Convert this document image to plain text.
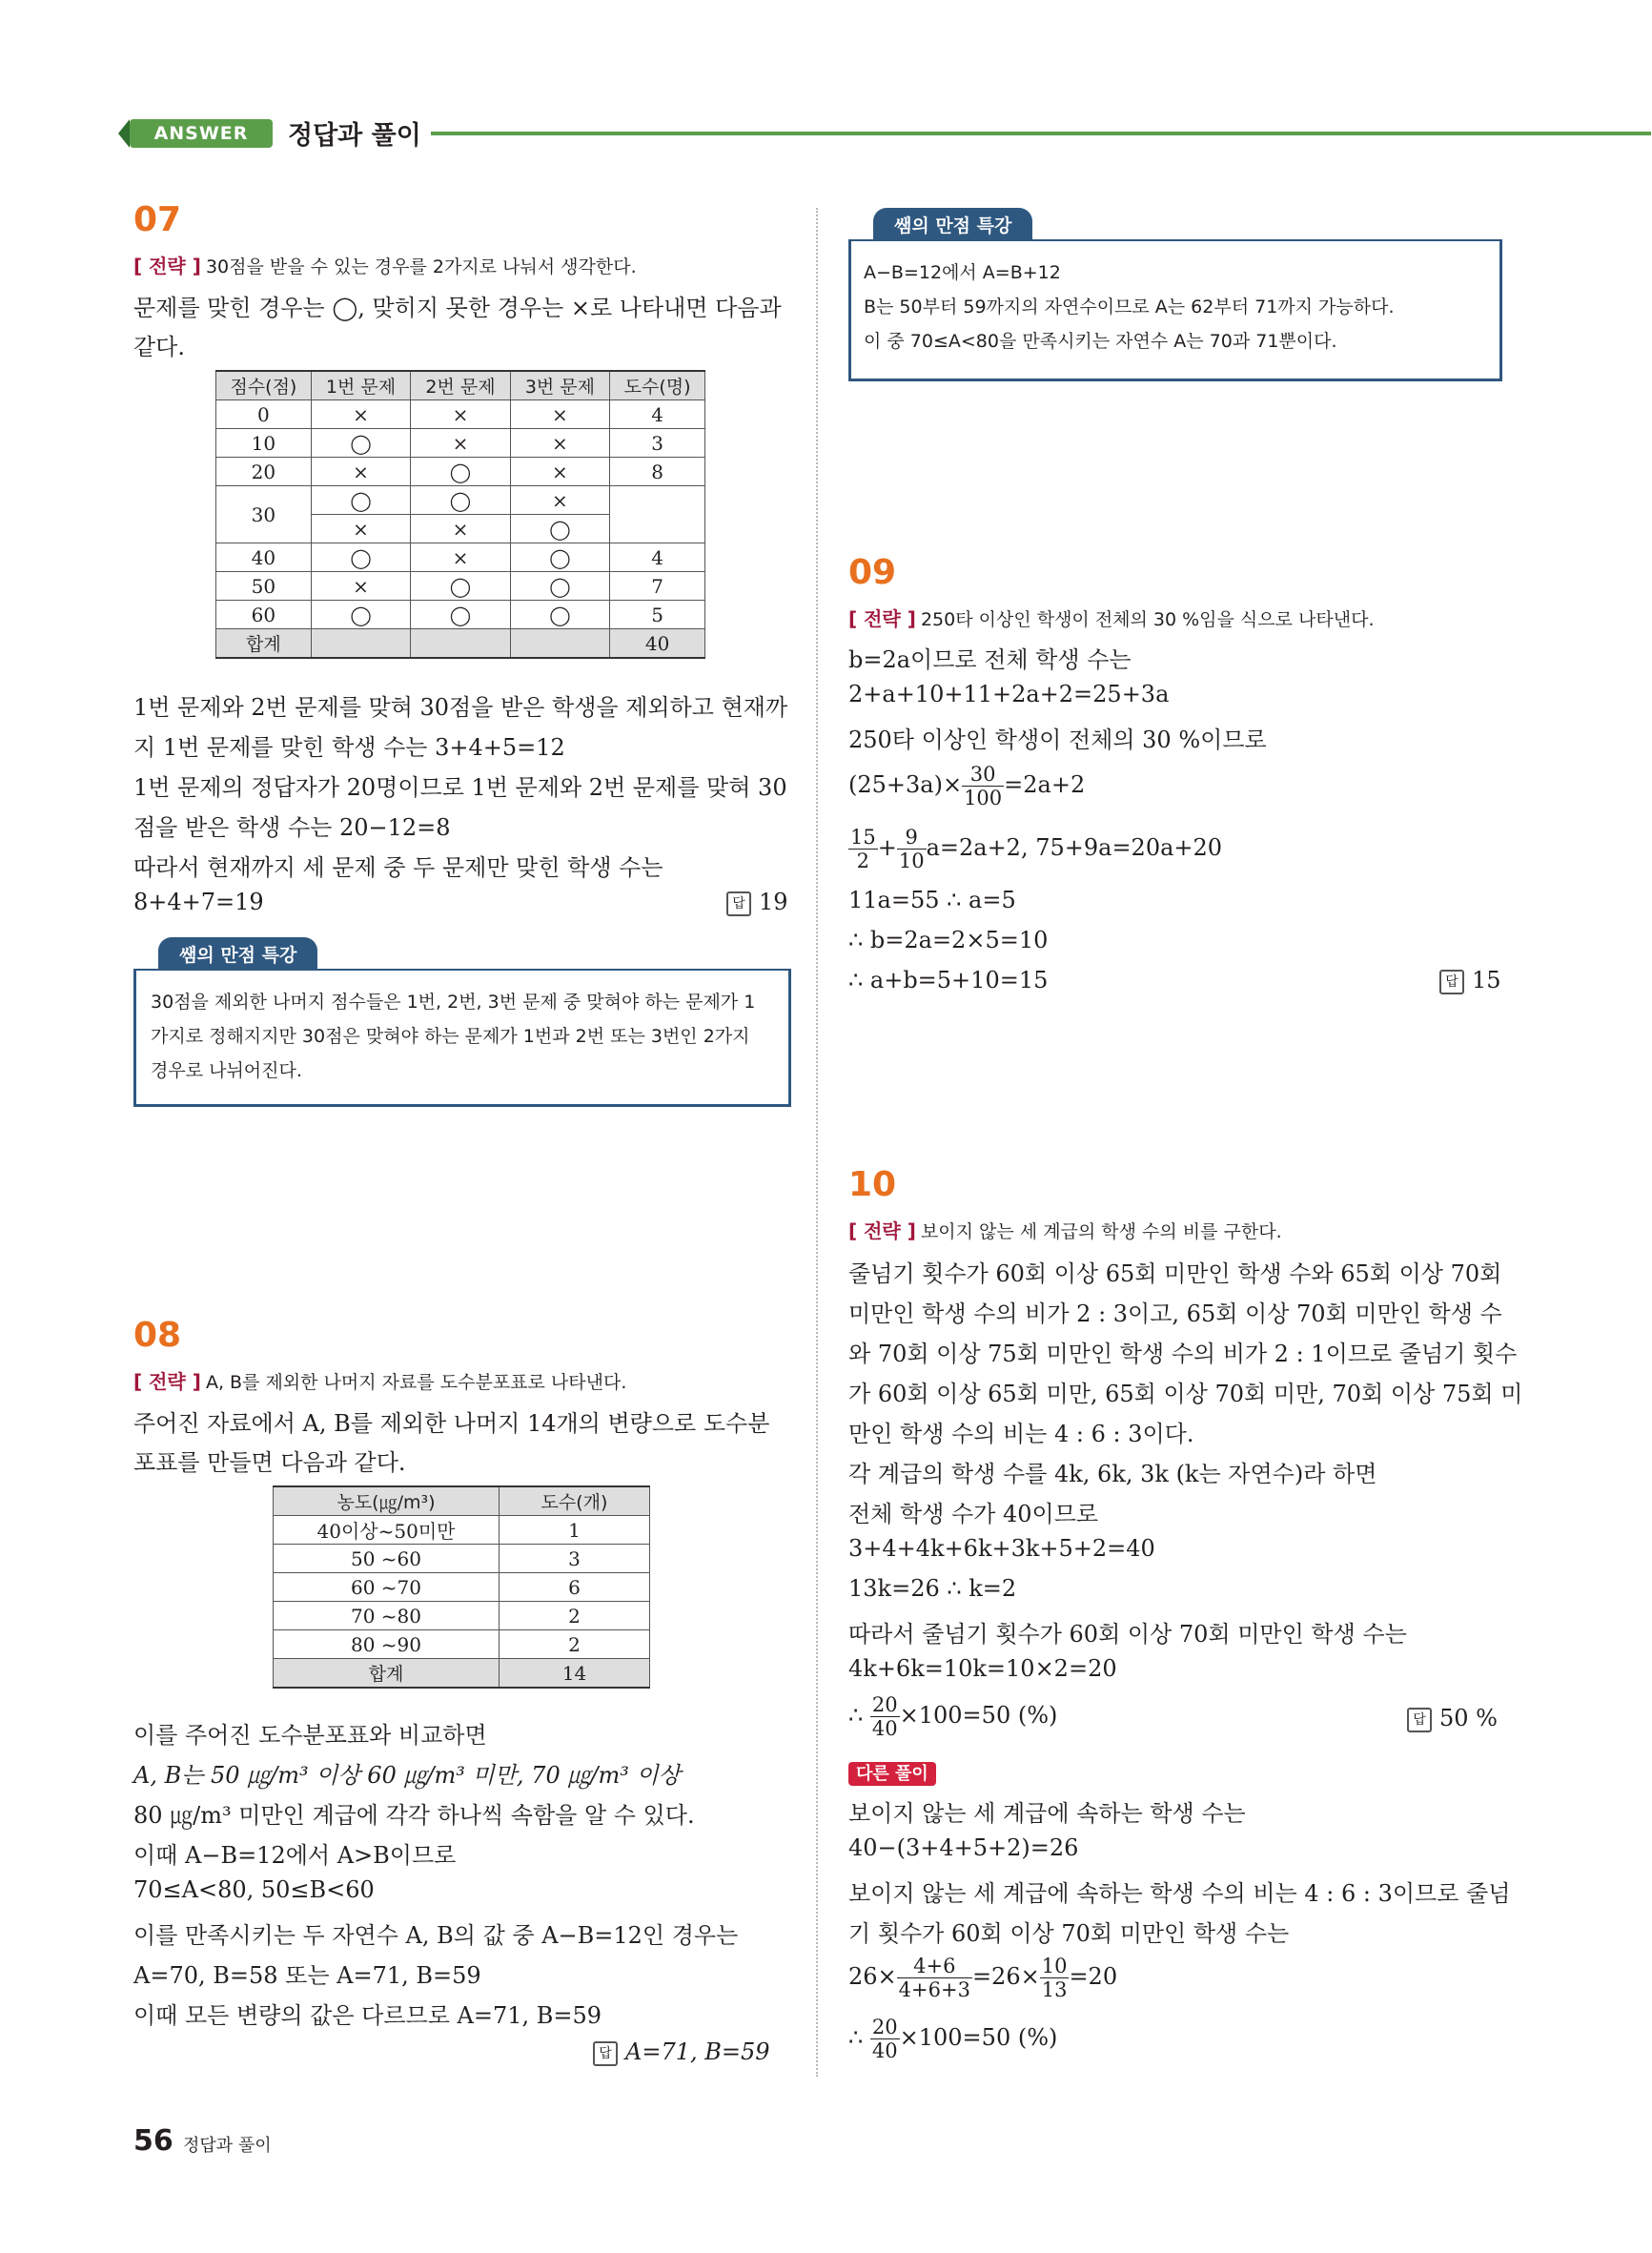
ANSWER	정답과 풀이
07
[ 전략 ] 30점을 받을 수 있는 경우를 2가지로 나눠서 생각한다.
문제를 맞힌 경우는 ◯, 맞히지 못한 경우는 ×로 나타내면 다음과
같다.
점수(점)	1번 문제	2번 문제	3번 문제	도수(명)
0	×	×	×	4
10	◯	×	×	3
20	×	◯	×	8
30	◯	◯	×	
	×	×	◯	
40	◯	×	◯	4
50	×	◯	◯	7
60	◯	◯	◯	5
합계				40
1번 문제와 2번 문제를 맞혀 30점을 받은 학생을 제외하고 현재까
지 1번 문제를 맞힌 학생 수는 3+4+5=12
1번 문제의 정답자가 20명이므로 1번 문제와 2번 문제를 맞혀 30
점을 받은 학생 수는 20−12=8
따라서 현재까지 세 문제 중 두 문제만 맞힌 학생 수는
8+4+7=19	답 19
쌤의 만점 특강
30점을 제외한 나머지 점수들은 1번, 2번, 3번 문제 중 맞혀야 하는 문제가 1
가지로 정해지지만 30점은 맞혀야 하는 문제가 1번과 2번 또는 3번인 2가지
경우로 나뉘어진다.
08
[ 전략 ] A, B를 제외한 나머지 자료를 도수분포표로 나타낸다.
주어진 자료에서 A, B를 제외한 나머지 14개의 변량으로 도수분
포표를 만들면 다음과 같다.
농도(㎍/m³)	도수(개)
40이상~50미만	1
50 ~60	3
60 ~70	6
70 ~80	2
80 ~90	2
합계	14
이를 주어진 도수분포표와 비교하면
A, B는 50 ㎍/m³ 이상 60 ㎍/m³ 미만, 70 ㎍/m³ 이상
80 ㎍/m³ 미만인 계급에 각각 하나씩 속함을 알 수 있다.
이때 A−B=12에서 A>B이므로
70≤A<80, 50≤B<60
이를 만족시키는 두 자연수 A, B의 값 중 A−B=12인 경우는
A=70, B=58 또는 A=71, B=59
이때 모든 변량의 값은 다르므로 A=71, B=59
답 A=71, B=59
쌤의 만점 특강
A−B=12에서 A=B+12
B는 50부터 59까지의 자연수이므로 A는 62부터 71까지 가능하다.
이 중 70≤A<80을 만족시키는 자연수 A는 70과 71뿐이다.
09
[ 전략 ] 250타 이상인 학생이 전체의 30 %임을 식으로 나타낸다.
b=2a이므로 전체 학생 수는
2+a+10+11+2a+2=25+3a
250타 이상인 학생이 전체의 30 %이므로
$(25+3a)\times \frac{30}{100} =2a+2$
$\frac{15}{2} + \frac{9}{10} a=2a+2$, 75+9a=20a+20
11a=55 ∴ a=5
∴ b=2a=2×5=10
∴ a+b=5+10=15	답 15
10
[ 전략 ] 보이지 않는 세 계급의 학생 수의 비를 구한다.
줄넘기 횟수가 60회 이상 65회 미만인 학생 수와 65회 이상 70회
미만인 학생 수의 비가 2 : 3이고, 65회 이상 70회 미만인 학생 수
와 70회 이상 75회 미만인 학생 수의 비가 2 : 1이므로 줄넘기 횟수
가 60회 이상 65회 미만, 65회 이상 70회 미만, 70회 이상 75회 미
만인 학생 수의 비는 4 : 6 : 3이다.
각 계급의 학생 수를 4k, 6k, 3k (k는 자연수)라 하면
전체 학생 수가 40이므로
3+4+4k+6k+3k+5+2=40
13k=26 ∴ k=2
따라서 줄넘기 횟수가 60회 이상 70회 미만인 학생 수는
4k+6k=10k=10×2=20
∴ $\frac{20}{40} \times 100=50$ (%)	답 50 %
다른 풀이
보이지 않는 세 계급에 속하는 학생 수는
40−(3+4+5+2)=26
보이지 않는 세 계급에 속하는 학생 수의 비는 4 : 6 : 3이므로 줄넘
기 횟수가 60회 이상 70회 미만인 학생 수는
$26\times \frac{4+6}{4+6+3} =26\times \frac{10}{13} =20$
∴ $\frac{20}{40} \times 100=50$ (%)
56 정답과 풀이
